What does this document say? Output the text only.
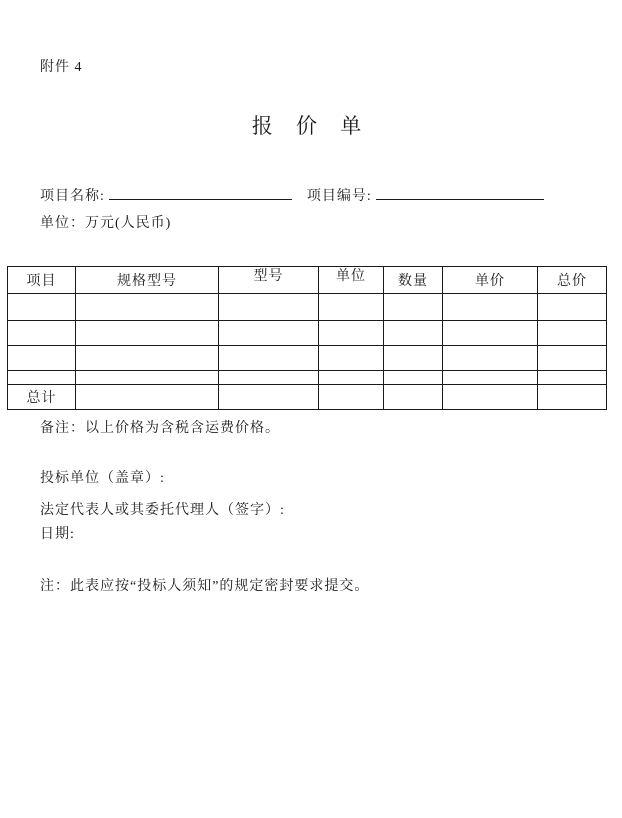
附件 4
报 价 单
项目名称:	项目编号:
单位：万元(人民币)
项目	规格型号	型号	单位	数量	单价	总价

总计						
备注：以上价格为含税含运费价格。
投标单位（盖章）:
法定代表人或其委托代理人（签字）:
日期:
注：此表应按“投标人须知”的规定密封要求提交。
